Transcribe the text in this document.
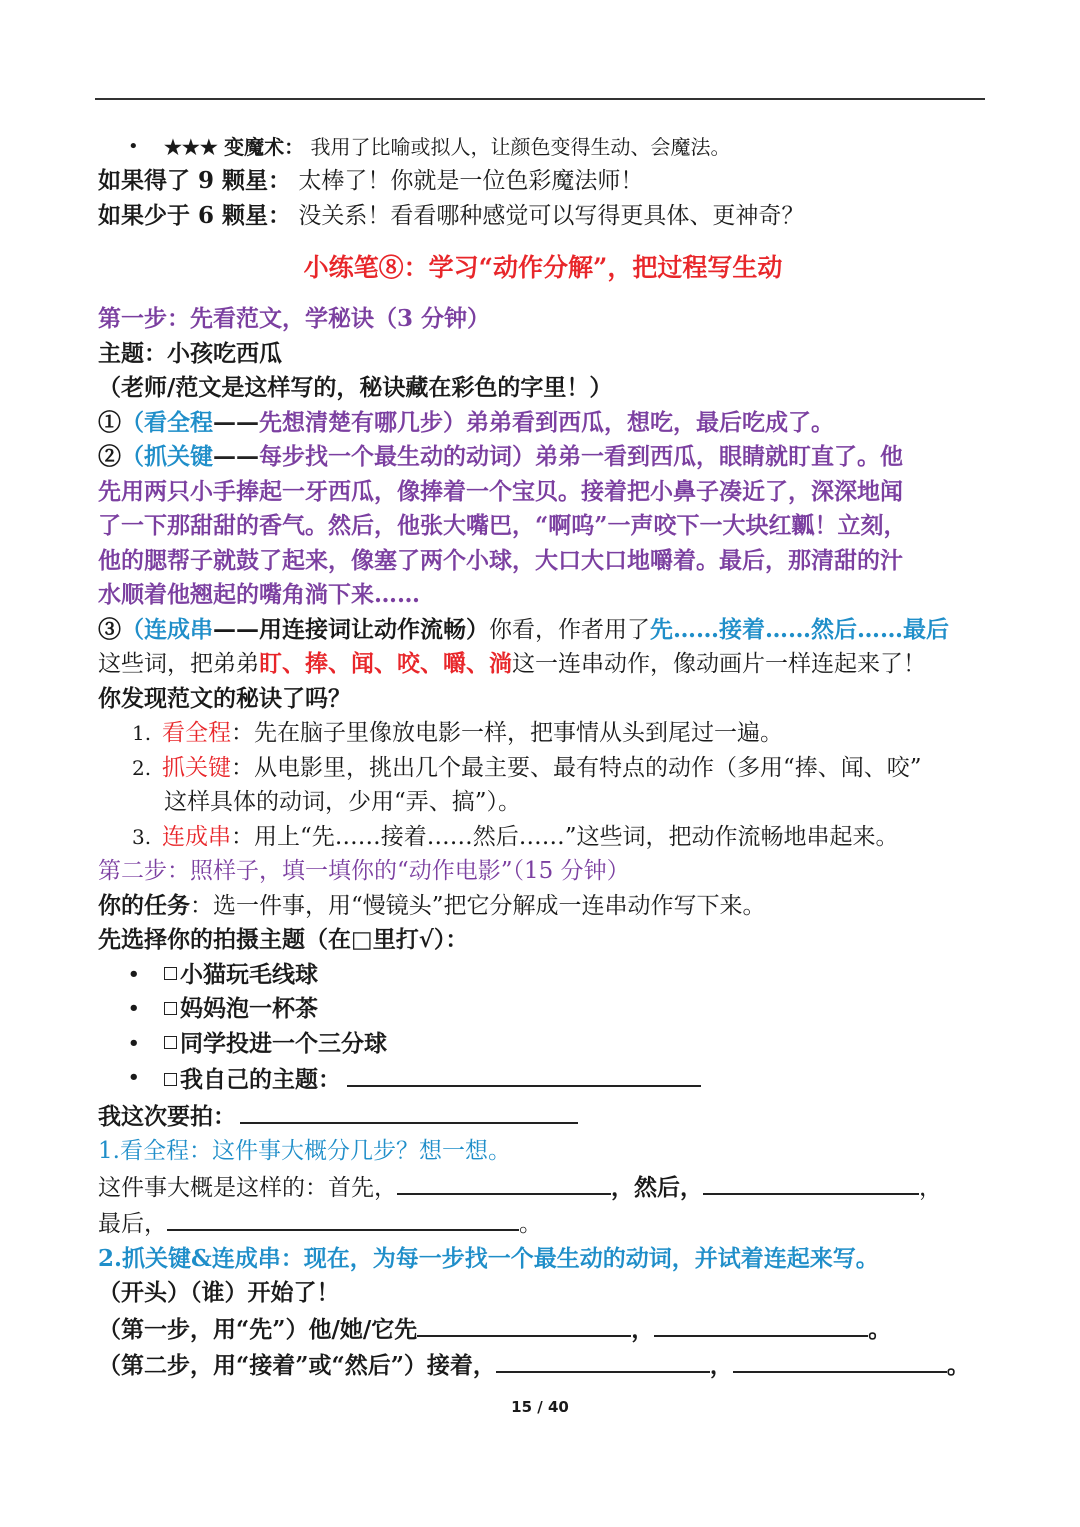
• ★★★ 变魔术： 我用了比喻或拟人，让颜色变得生动、会魔法。
如果得了 9 颗星： 太棒了！你就是一位色彩魔法师！
如果少于 6 颗星： 没关系！看看哪种感觉可以写得更具体、更神奇？
小练笔⑧：学习“动作分解”，把过程写生动
第一步：先看范文，学秘诀（3 分钟）
主题：小孩吃西瓜
（老师/范文是这样写的，秘诀藏在彩色的字里！）
①（看全程——先想清楚有哪几步）弟弟看到西瓜，想吃，最后吃成了。
②（抓关键——每步找一个最生动的动词）弟弟一看到西瓜，眼睛就盯直了。他
先用两只小手捧起一牙西瓜，像捧着一个宝贝。接着把小鼻子凑近了，深深地闻
了一下那甜甜的香气。然后，他张大嘴巴，“啊呜”一声咬下一大块红瓤！立刻，
他的腮帮子就鼓了起来，像塞了两个小球，大口大口地嚼着。最后，那清甜的汁
水顺着他翘起的嘴角淌下来……
③（连成串——用连接词让动作流畅）你看，作者用了先……接着……然后……最后
这些词，把弟弟盯、捧、闻、咬、嚼、淌这一连串动作，像动画片一样连起来了！
你发现范文的秘诀了吗？
1. 看全程：先在脑子里像放电影一样，把事情从头到尾过一遍。
2. 抓关键：从电影里，挑出几个最主要、最有特点的动作（多用“捧、闻、咬”
这样具体的动词，少用“弄、搞”）。
3. 连成串：用上“先……接着……然后……”这些词，把动作流畅地串起来。
第二步：照样子，填一填你的“动作电影”（15 分钟）
你的任务：选一件事，用“慢镜头”把它分解成一连串动作写下来。
先选择你的拍摄主题（在□里打√）：
• 小猫玩毛线球
• 妈妈泡一杯茶
• 同学投进一个三分球
• 我自己的主题：
我这次要拍：
1.看全程：这件事大概分几步？想一想。
这件事大概是这样的：首先，	，然后，	，
最后，	。
2.抓关键&连成串：现在，为每一步找一个最生动的动词，并试着连起来写。
（开头）（谁）开始了！
（第一步，用“先”）他/她/它先	，	。
（第二步，用“接着”或“然后”）接着，	，	。
15 / 40
